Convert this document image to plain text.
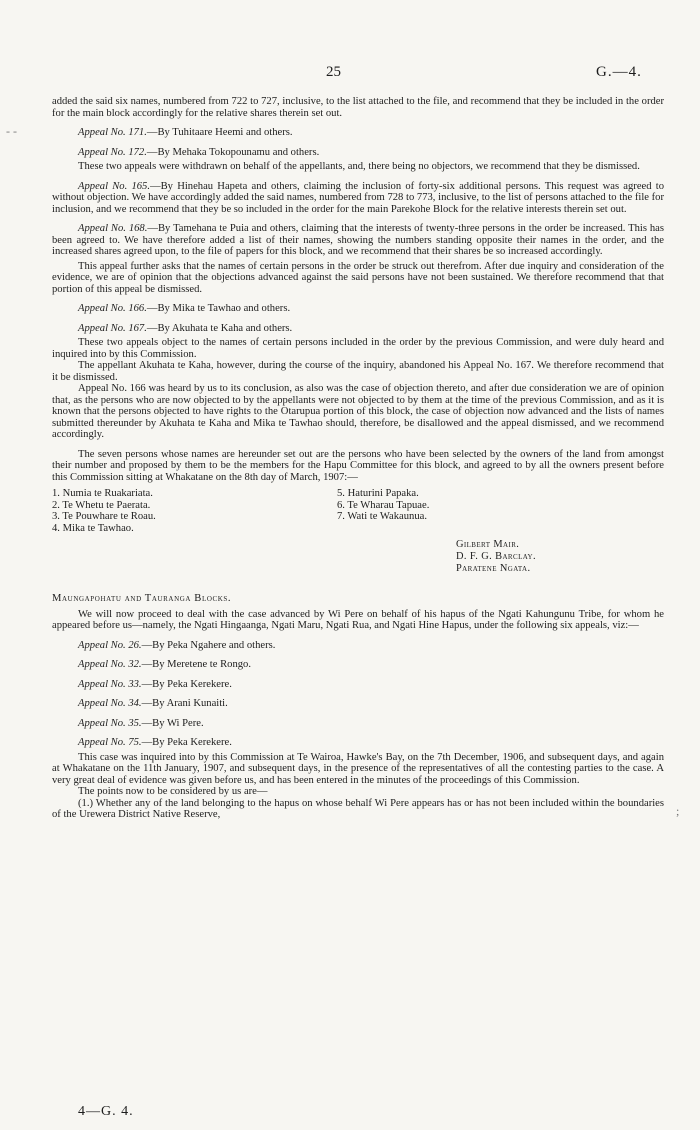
25	G.—4.
- -
;

added the said six names, numbered from 722 to 727, inclusive, to the list attached to the file, and recommend that they be included in the order for the main block accordingly for the relative shares therein set out.

Appeal No. 171.—By Tuhitaare Heemi and others.

Appeal No. 172.—By Mehaka Tokopounamu and others.

These two appeals were withdrawn on behalf of the appellants, and, there being no objectors, we recommend that they be dismissed.

Appeal No. 165.—By Hinehau Hapeta and others, claiming the inclusion of forty-six additional persons. This request was agreed to without objection. We have accordingly added the said names, numbered from 728 to 773, inclusive, to the list of persons attached to the file for inclusion, and we recommend that they be so included in the order for the main Parekohe Block for the relative interests therein set out.

Appeal No. 168.—By Tamehana te Puia and others, claiming that the interests of twenty-three persons in the order be increased. This has been agreed to. We have therefore added a list of their names, showing the numbers standing opposite their names in the order, and the increased shares agreed upon, to the file of papers for this block, and we recommend that their shares be so increased accordingly.

This appeal further asks that the names of certain persons in the order be struck out therefrom. After due inquiry and consideration of the evidence, we are of opinion that the objections advanced against the said persons have not been sustained. We therefore recommend that that portion of this appeal be dismissed.

Appeal No. 166.—By Mika te Tawhao and others.

Appeal No. 167.—By Akuhata te Kaha and others.

These two appeals object to the names of certain persons included in the order by the previous Commission, and were duly heard and inquired into by this Commission.

The appellant Akuhata te Kaha, however, during the course of the inquiry, abandoned his Appeal No. 167. We therefore recommend that it be dismissed.

Appeal No. 166 was heard by us to its conclusion, as also was the case of objection thereto, and after due consideration we are of opinion that, as the persons who are now objected to by the appellants were not objected to by them at the time of the previous Commission, and as it is known that the persons objected to have rights to the Otarupua portion of this block, the case of objection now advanced and the lists of names submitted thereunder by Akuhata te Kaha and Mika te Tawhao should, therefore, be disallowed and the appeal dismissed, and we recommend accordingly.

The seven persons whose names are hereunder set out are the persons who have been selected by the owners of the land from amongst their number and proposed by them to be the members for the Hapu Committee for this block, and agreed to by all the owners present before this Commission sitting at Whakatane on the 8th day of March, 1907:—

1. Numia te Ruakariata.
2. Te Whetu te Paerata.
3. Te Pouwhare te Roau.
4. Mika te Tawhao.
5. Haturini Papaka.
6. Te Wharau Tapuae.
7. Wati te Wakaunua.
Gilbert Mair.
D. F. G. Barclay.
Paratene Ngata.

Maungapohatu and Tauranga Blocks.

We will now proceed to deal with the case advanced by Wi Pere on behalf of his hapus of the Ngati Kahungunu Tribe, for whom he appeared before us—namely, the Ngati Hingaanga, Ngati Maru, Ngati Rua, and Ngati Hine Hapus, under the following six appeals, viz:—

Appeal No. 26.—By Peka Ngahere and others.

Appeal No. 32.—By Meretene te Rongo.

Appeal No. 33.—By Peka Kerekere.

Appeal No. 34.—By Arani Kunaiti.

Appeal No. 35.—By Wi Pere.

Appeal No. 75.—By Peka Kerekere.

This case was inquired into by this Commission at Te Wairoa, Hawke's Bay, on the 7th December, 1906, and subsequent days, and again at Whakatane on the 11th January, 1907, and subsequent days, in the presence of the representatives of all the contesting parties to the case. A very great deal of evidence was given before us, and has been entered in the minutes of the proceedings of this Commission.

The points now to be considered by us are—

(1.) Whether any of the land belonging to the hapus on whose behalf Wi Pere appears has or has not been included within the boundaries of the Urewera District Native Reserve,

4—G. 4.
